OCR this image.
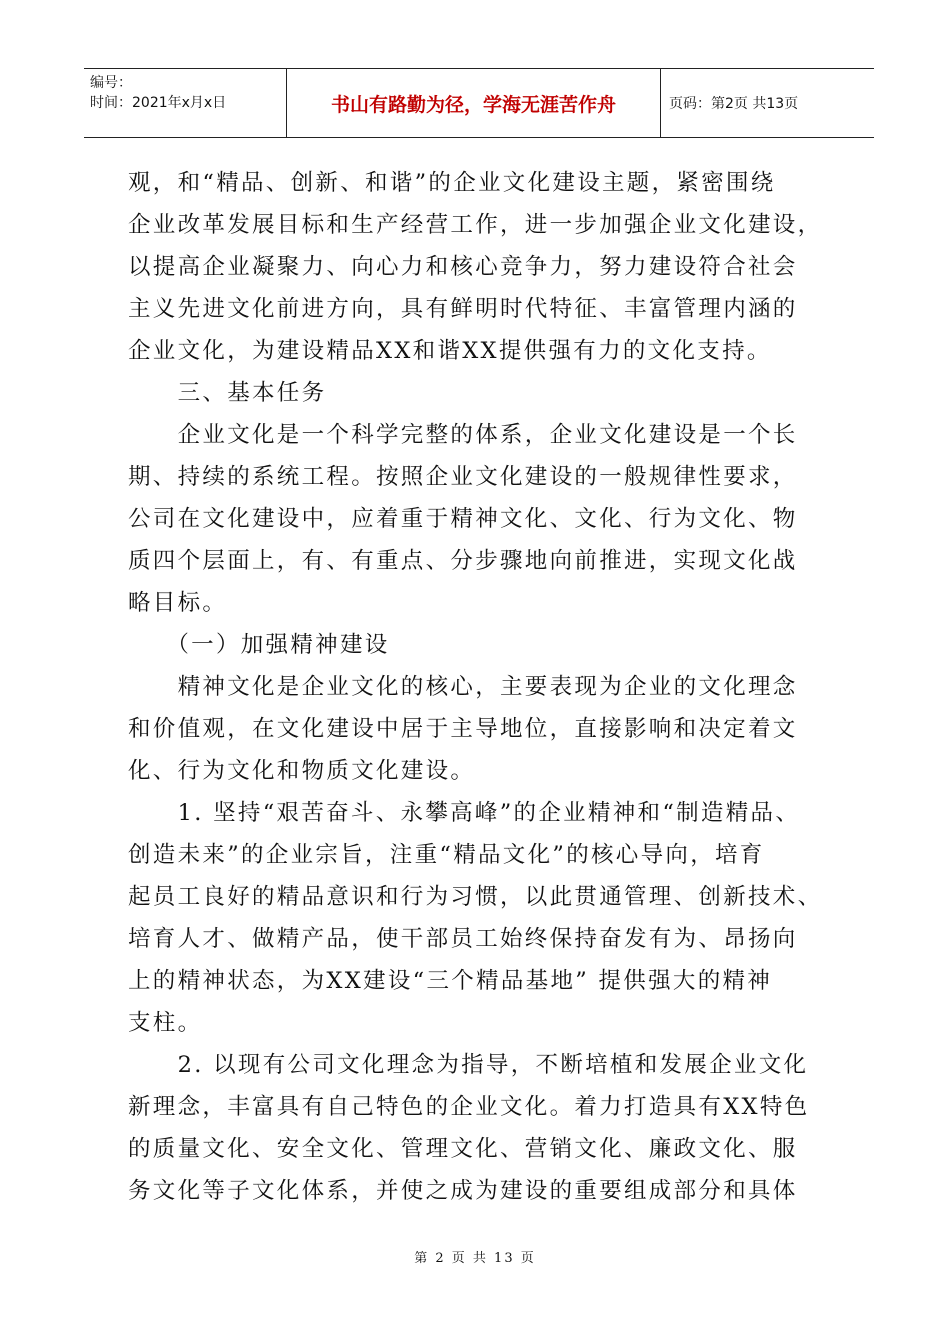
编号：
时间：2021年x月x日	书山有路勤为径，学海无涯苦作舟	页码：第2页 共13页
观，和“精品、创新、和谐”的企业文化建设主题，紧密围绕
企业改革发展目标和生产经营工作，进一步加强企业文化建设，
以提高企业凝聚力、向心力和核心竞争力，努力建设符合社会
主义先进文化前进方向，具有鲜明时代特征、丰富管理内涵的
企业文化，为建设精品XX和谐XX提供强有力的文化支持。
　　三、基本任务
　　企业文化是一个科学完整的体系，企业文化建设是一个长
期、持续的系统工程。按照企业文化建设的一般规律性要求，
公司在文化建设中，应着重于精神文化、文化、行为文化、物
质四个层面上，有、有重点、分步骤地向前推进，实现文化战
略目标。
　　（一）加强精神建设
　　精神文化是企业文化的核心，主要表现为企业的文化理念
和价值观，在文化建设中居于主导地位，直接影响和决定着文
化、行为文化和物质文化建设。
　　1. 坚持“艰苦奋斗、永攀高峰”的企业精神和“制造精品、
创造未来”的企业宗旨，注重“精品文化”的核心导向，培育
起员工良好的精品意识和行为习惯，以此贯通管理、创新技术、
培育人才、做精产品，使干部员工始终保持奋发有为、昂扬向
上的精神状态，为XX建设“三个精品基地” 提供强大的精神
支柱。
　　2. 以现有公司文化理念为指导，不断培植和发展企业文化
新理念，丰富具有自己特色的企业文化。着力打造具有XX特色
的质量文化、安全文化、管理文化、营销文化、廉政文化、服
务文化等子文化体系，并使之成为建设的重要组成部分和具体
第 2 页 共 13 页
